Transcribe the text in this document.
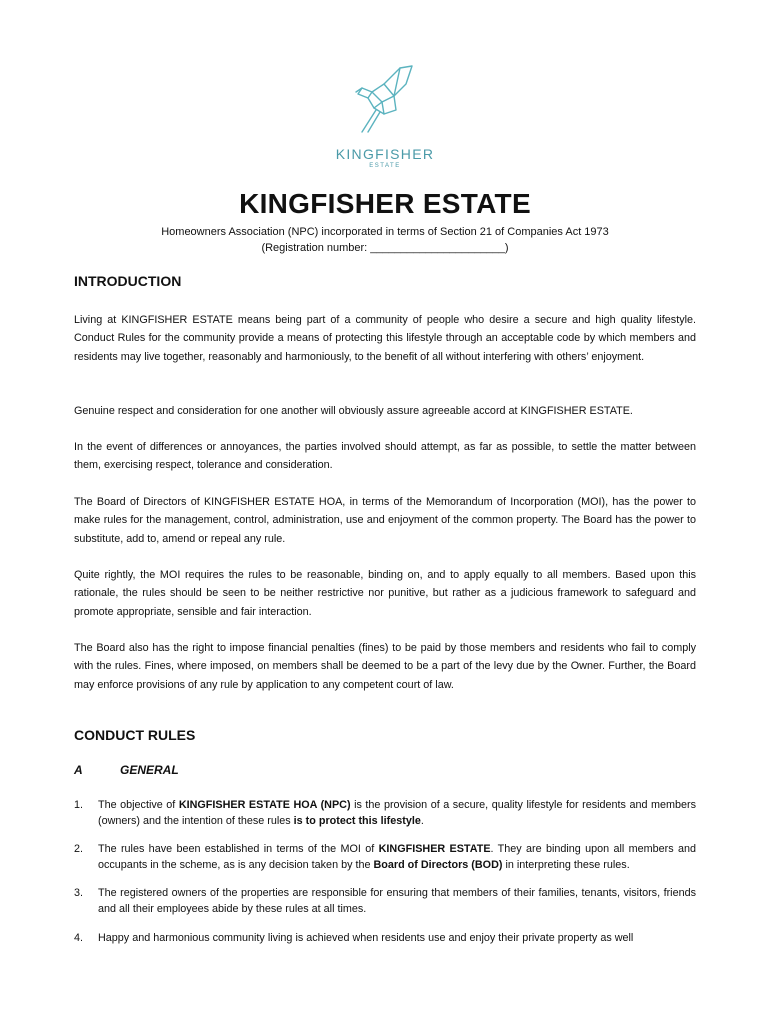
KINGFISHER
ESTATE
KINGFISHER ESTATE
Homeowners Association (NPC) incorporated in terms of Section 21 of Companies Act 1973
(Registration number: ______________________)
INTRODUCTION
Living at KINGFISHER ESTATE means being part of a community of people who desire a secure and high quality lifestyle. Conduct Rules for the community provide a means of protecting this lifestyle through an acceptable code by which members and residents may live together, reasonably and harmoniously, to the benefit of all without interfering with others’ enjoyment.
Genuine respect and consideration for one another will obviously assure agreeable accord at KINGFISHER ESTATE.
In the event of differences or annoyances, the parties involved should attempt, as far as possible, to settle the matter between them, exercising respect, tolerance and consideration.
The Board of Directors of KINGFISHER ESTATE HOA, in terms of the Memorandum of Incorporation (MOI), has the power to make rules for the management, control, administration, use and enjoyment of the common property. The Board has the power to substitute, add to, amend or repeal any rule.
Quite rightly, the MOI requires the rules to be reasonable, binding on, and to apply equally to all members. Based upon this rationale, the rules should be seen to be neither restrictive nor punitive, but rather as a judicious framework to safeguard and promote appropriate, sensible and fair interaction.
The Board also has the right to impose financial penalties (fines) to be paid by those members and residents who fail to comply with the rules. Fines, where imposed, on members shall be deemed to be a part of the levy due by the Owner. Further, the Board may enforce provisions of any rule by application to any competent court of law.
CONDUCT RULES
A	GENERAL
1. The objective of KINGFISHER ESTATE HOA (NPC) is the provision of a secure, quality lifestyle for residents and members (owners) and the intention of these rules is to protect this lifestyle.
2. The rules have been established in terms of the MOI of KINGFISHER ESTATE. They are binding upon all members and occupants in the scheme, as is any decision taken by the Board of Directors (BOD) in interpreting these rules.
3. The registered owners of the properties are responsible for ensuring that members of their families, tenants, visitors, friends and all their employees abide by these rules at all times.
4. Happy and harmonious community living is achieved when residents use and enjoy their private property as well
